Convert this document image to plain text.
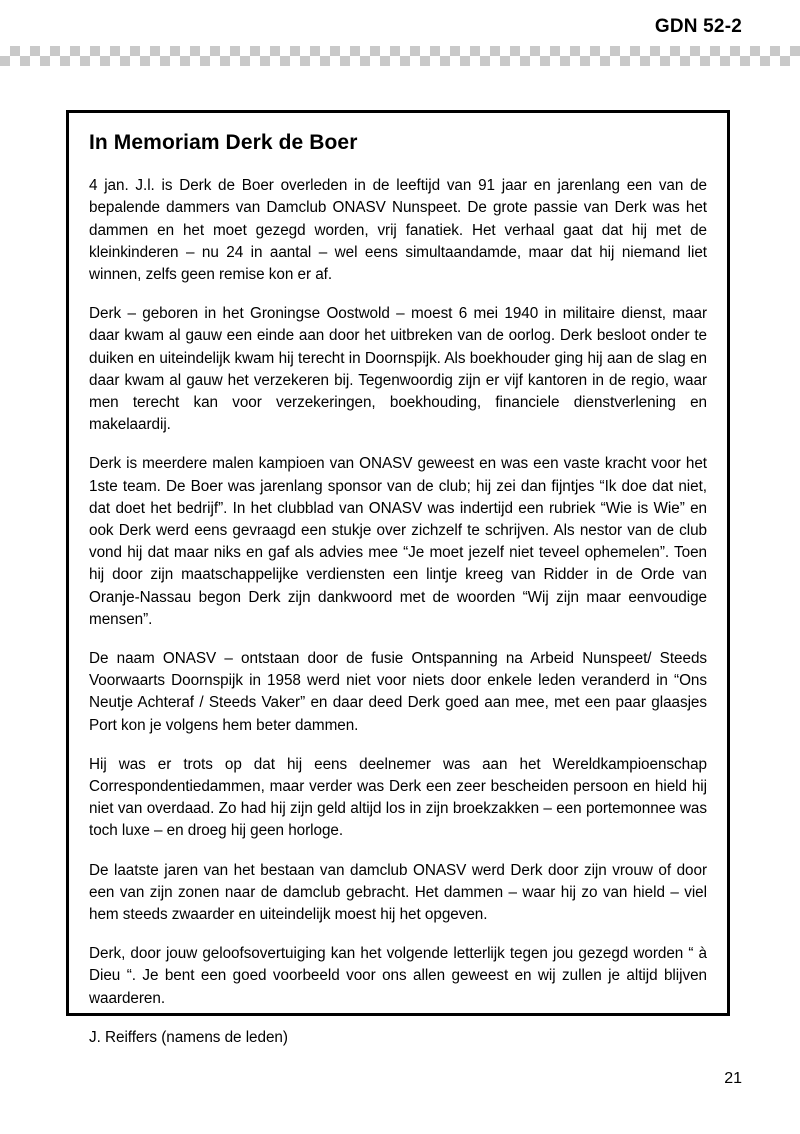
GDN 52-2
In Memoriam Derk de Boer

4 jan. J.l. is Derk de Boer overleden in de leeftijd van 91 jaar en jarenlang een van de bepalende dammers van Damclub ONASV Nunspeet. De grote passie van Derk was het dammen en het moet gezegd worden, vrij fanatiek. Het verhaal gaat dat hij met de kleinkinderen – nu 24 in aantal – wel eens simultaandamde, maar dat hij niemand liet winnen, zelfs geen remise kon er af.

Derk – geboren in het Groningse Oostwold – moest 6 mei 1940 in militaire dienst, maar daar kwam al gauw een einde aan door het uitbreken van de oorlog. Derk besloot onder te duiken en uiteindelijk kwam hij terecht in Doornspijk. Als boekhouder ging hij aan de slag en daar kwam al gauw het verzekeren bij. Tegenwoordig zijn er vijf kantoren in de regio, waar men terecht kan voor verzekeringen, boekhouding, financiele dienstverlening en makelaardij.

Derk is meerdere malen kampioen van ONASV geweest en was een vaste kracht voor het 1ste team. De Boer was jarenlang sponsor van de club; hij zei dan fijntjes “Ik doe dat niet, dat doet het bedrijf”. In het clubblad van ONASV was indertijd een rubriek “Wie is Wie” en ook Derk werd eens gevraagd een stukje over zichzelf te schrijven. Als nestor van de club vond hij dat maar niks en gaf als advies mee “Je moet jezelf niet teveel ophemelen”. Toen hij door zijn maatschappelijke verdiensten een lintje kreeg van Ridder in de Orde van Oranje-Nassau begon Derk zijn dankwoord met de woorden “Wij zijn maar eenvoudige mensen”.

De naam ONASV – ontstaan door de fusie Ontspanning na Arbeid Nunspeet/ Steeds Voorwaarts Doornspijk in 1958 werd niet voor niets door enkele leden veranderd in “Ons Neutje Achteraf / Steeds Vaker” en daar deed Derk goed aan mee, met een paar glaasjes Port kon je volgens hem beter dammen.

Hij was er trots op dat hij eens deelnemer was aan het Wereldkampioenschap Correspondentiedammen, maar verder was Derk een zeer bescheiden persoon en hield hij niet van overdaad. Zo had hij zijn geld altijd los in zijn broekzakken – een portemonnee was toch luxe – en droeg hij geen horloge.

De laatste jaren van het bestaan van damclub ONASV werd Derk door zijn vrouw of door een van zijn zonen naar de damclub gebracht. Het dammen – waar hij zo van hield – viel hem steeds zwaarder en uiteindelijk moest hij het opgeven.

Derk, door jouw geloofsovertuiging kan het volgende letterlijk tegen jou gezegd worden “ à Dieu “. Je bent een goed voorbeeld voor ons allen geweest en wij zullen je altijd blijven waarderen.

J. Reiffers (namens de leden)

21
